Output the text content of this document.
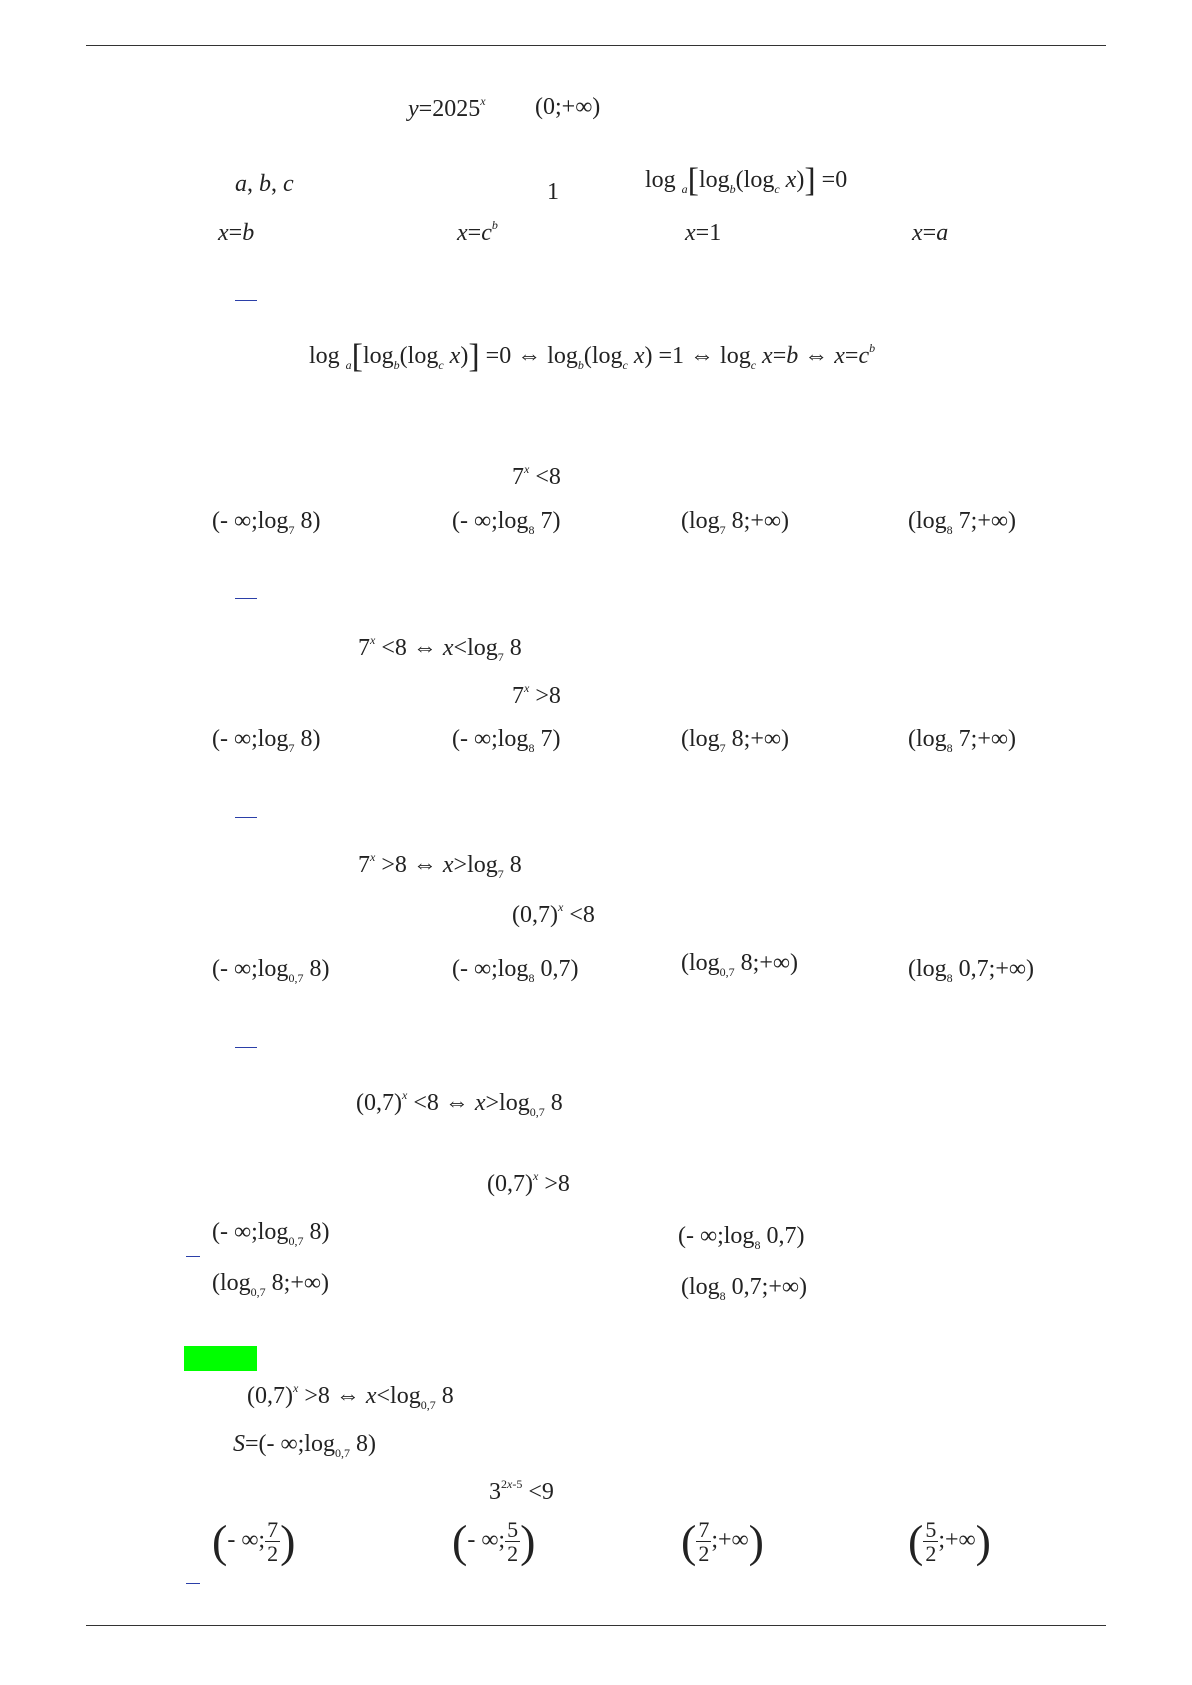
$y=2025^x$ (0;+∞)
a, b, c	1	$\log _a[\log_b(\log_c$ x)] =0
x=b	$x=c^b$	x=1	x=a
$\log _a[\log_b(\log_c$ x)] =0 ⇔ $\log_b(\log_c$ x) =1 ⇔ $\log_c x=b$ ⇔ $x=c^b$
$7^x <8$
(- $\infty;\log_7$ 8)	(- $\infty;\log_8$ 7)	($\log_7$ 8;+∞)	($\log_8$ 7;+∞)
$7^x <8$ ⇔ $x<\log_7$ 8
$7^x >8$
(- $\infty;\log_7$ 8)	(- $\infty;\log_8$ 7)	($\log_7$ 8;+∞)	($\log_8$ 7;+∞)
$7^x >8$ ⇔ $x>\log_7$ 8
$(0,7)^x <8$
(- $\infty;\log_{0,7}$ 8)	(- $\infty;\log_8$ 0,7)	($\log_{0,7}$ 8;+∞)	($\log_8$ 0,7;+∞)
$(0,7)^x <8$ ⇔ $x>\log_{0,7}$ 8
$(0,7)^x >8$
(- $\infty;\log_{0,7}$ 8)	(- $\infty;\log_8$ 0,7)
($\log_{0,7}$ 8;+∞)	($\log_8$ 0,7;+∞)
$(0,7)^x >8$ ⇔ $x<\log_{0,7}$ 8
S=(- $\infty;\log_{0,7}$ 8)
$3^{2x-5} <9$
(- ∞; $\frac{7}{2}$ )	(- ∞; $\frac{5}{2}$ )	( $\frac{7}{2}$ ;+∞)	( $\frac{5}{2}$ ;+∞)
